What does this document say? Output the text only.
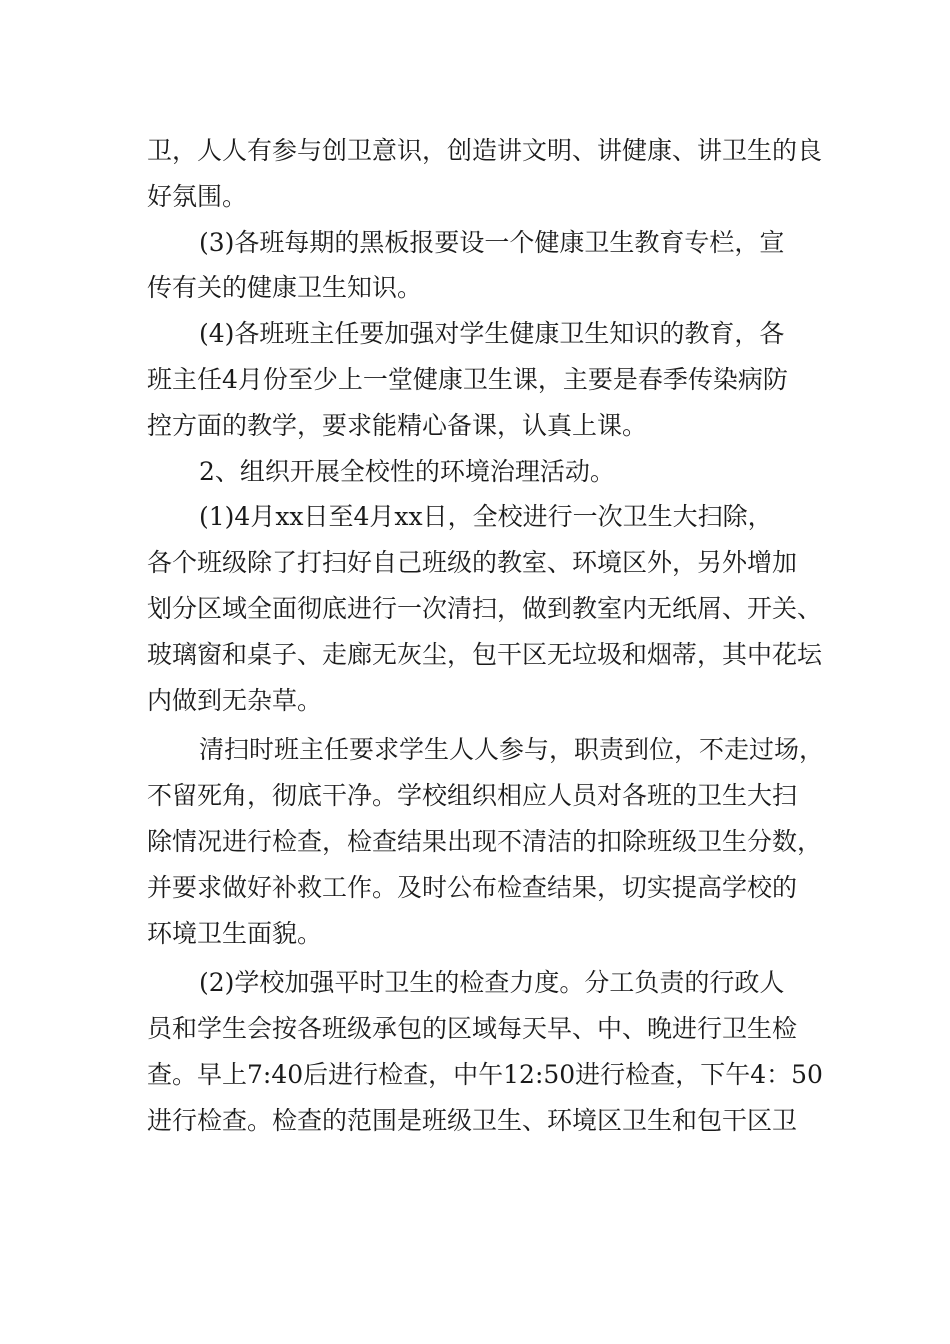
卫，人人有参与创卫意识，创造讲文明、讲健康、讲卫生的良
好氛围。
(3)各班每期的黑板报要设一个健康卫生教育专栏，宣
传有关的健康卫生知识。
(4)各班班主任要加强对学生健康卫生知识的教育，各
班主任4月份至少上一堂健康卫生课，主要是春季传染病防
控方面的教学，要求能精心备课，认真上课。
2、组织开展全校性的环境治理活动。
(1)4月xx日至4月xx日，全校进行一次卫生大扫除，
各个班级除了打扫好自己班级的教室、环境区外，另外增加
划分区域全面彻底进行一次清扫，做到教室内无纸屑、开关、
玻璃窗和桌子、走廊无灰尘，包干区无垃圾和烟蒂，其中花坛
内做到无杂草。
清扫时班主任要求学生人人参与，职责到位，不走过场，
不留死角，彻底干净。学校组织相应人员对各班的卫生大扫
除情况进行检查，检查结果出现不清洁的扣除班级卫生分数，
并要求做好补救工作。及时公布检查结果，切实提高学校的
环境卫生面貌。
(2)学校加强平时卫生的检查力度。分工负责的行政人
员和学生会按各班级承包的区域每天早、中、晚进行卫生检
查。早上7:40后进行检查，中午12:50进行检查，下午4：50
进行检查。检查的范围是班级卫生、环境区卫生和包干区卫
